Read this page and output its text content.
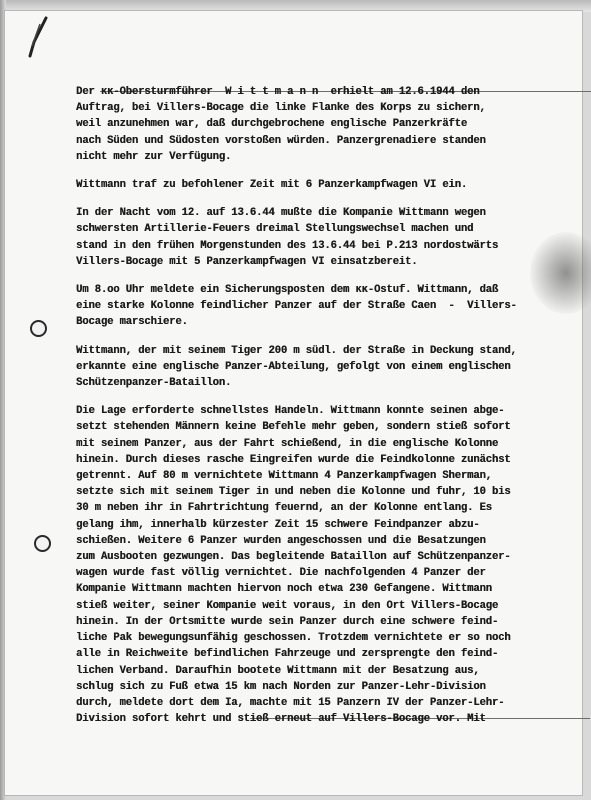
Der ĸĸ-Obersturmführer  W i t t m a n n  erhielt am 12.6.1944 den
Auftrag, bei Villers-Bocage die linke Flanke des Korps zu sichern,
weil anzunehmen war, daß durchgebrochene englische Panzerkräfte
nach Süden und Südosten vorstoßen würden. Panzergrenadiere standen
nicht mehr zur Verfügung.
Wittmann traf zu befohlener Zeit mit 6 Panzerkampfwagen VI ein.
In der Nacht vom 12. auf 13.6.44 mußte die Kompanie Wittmann wegen
schwersten Artillerie-Feuers dreimal Stellungswechsel machen und
stand in den frühen Morgenstunden des 13.6.44 bei P.213 nordostwärts
Villers-Bocage mit 5 Panzerkampfwagen VI einsatzbereit.
Um 8.oo Uhr meldete ein Sicherungsposten dem ĸĸ-Ostuf. Wittmann, daß
eine starke Kolonne feindlicher Panzer auf der Straße Caen  -  Villers-
Bocage marschiere.
Wittmann, der mit seinem Tiger 200 m südl. der Straße in Deckung stand,
erkannte eine englische Panzer-Abteilung, gefolgt von einem englischen
Schützenpanzer-Bataillon.
Die Lage erforderte schnellstes Handeln. Wittmann konnte seinen abge-
setzt stehenden Männern keine Befehle mehr geben, sondern stieß sofort
mit seinem Panzer, aus der Fahrt schießend, in die englische Kolonne
hinein. Durch dieses rasche Eingreifen wurde die Feindkolonne zunächst
getrennt. Auf 80 m vernichtete Wittmann 4 Panzerkampfwagen Sherman,
setzte sich mit seinem Tiger in und neben die Kolonne und fuhr, 10 bis
30 m neben ihr in Fahrtrichtung feuernd, an der Kolonne entlang. Es
gelang ihm, innerhalb kürzester Zeit 15 schwere Feindpanzer abzu-
schießen. Weitere 6 Panzer wurden angeschossen und die Besatzungen
zum Ausbooten gezwungen. Das begleitende Bataillon auf Schützenpanzer-
wagen wurde fast völlig vernichtet. Die nachfolgenden 4 Panzer der
Kompanie Wittmann machten hiervon noch etwa 230 Gefangene. Wittmann
stieß weiter, seiner Kompanie weit voraus, in den Ort Villers-Bocage
hinein. In der Ortsmitte wurde sein Panzer durch eine schwere feind-
liche Pak bewegungsunfähig geschossen. Trotzdem vernichtete er so noch
alle in Reichweite befindlichen Fahrzeuge und zersprengte den feind-
lichen Verband. Daraufhin bootete Wittmann mit der Besatzung aus,
schlug sich zu Fuß etwa 15 km nach Norden zur Panzer-Lehr-Division
durch, meldete dort dem Ia, machte mit 15 Panzern IV der Panzer-Lehr-
Division sofort kehrt und stieß erneut auf Villers-Bocage vor. Mit
